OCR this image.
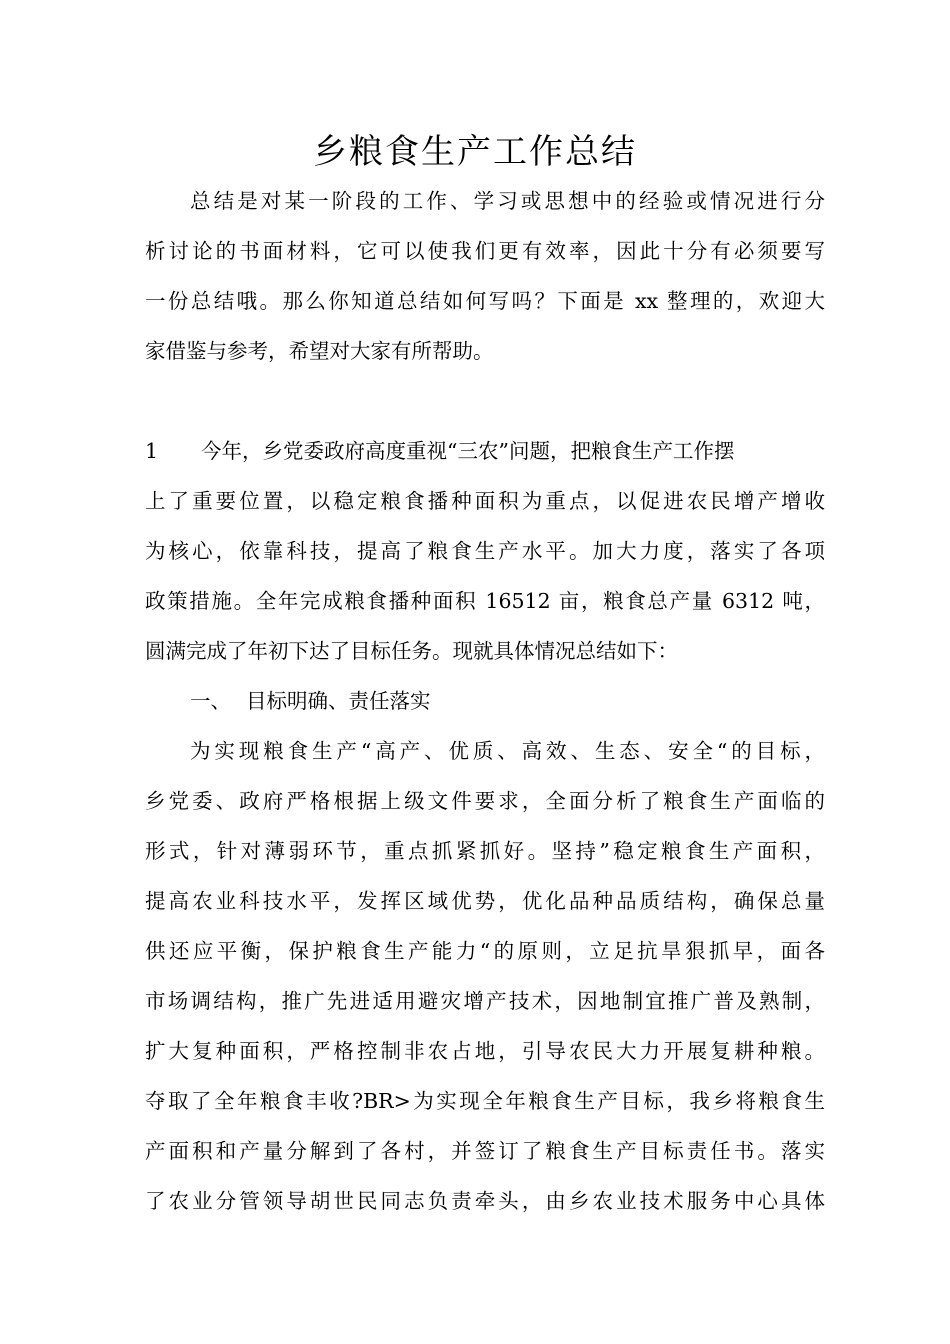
乡粮食生产工作总结
总结是对某一阶段的工作、学习或思想中的经验或情况进行分
析讨论的书面材料，它可以使我们更有效率，因此十分有必须要写
一份总结哦。那么你知道总结如何写吗？下面是 xx 整理的，欢迎大
家借鉴与参考，希望对大家有所帮助。
1 今年，乡党委政府高度重视“三农”问题，把粮食生产工作摆
上了重要位置，以稳定粮食播种面积为重点，以促进农民增产增收
为核心，依靠科技，提高了粮食生产水平。加大力度，落实了各项
政策措施。全年完成粮食播种面积 16512 亩，粮食总产量 6312 吨，
圆满完成了年初下达了目标任务。现就具体情况总结如下：
一、 目标明确、责任落实
为实现粮食生产“高产、优质、高效、生态、安全“的目标，
乡党委、政府严格根据上级文件要求，全面分析了粮食生产面临的
形式，针对薄弱环节，重点抓紧抓好。坚持”稳定粮食生产面积，
提高农业科技水平，发挥区域优势，优化品种品质结构，确保总量
供还应平衡，保护粮食生产能力“的原则，立足抗旱狠抓早，面各
市场调结构，推广先进适用避灾增产技术，因地制宜推广普及熟制，
扩大复种面积，严格控制非农占地，引导农民大力开展复耕种粮。
夺取了全年粮食丰收?BR>为实现全年粮食生产目标，我乡将粮食生
产面积和产量分解到了各村，并签订了粮食生产目标责任书。落实
了农业分管领导胡世民同志负责牵头，由乡农业技术服务中心具体
